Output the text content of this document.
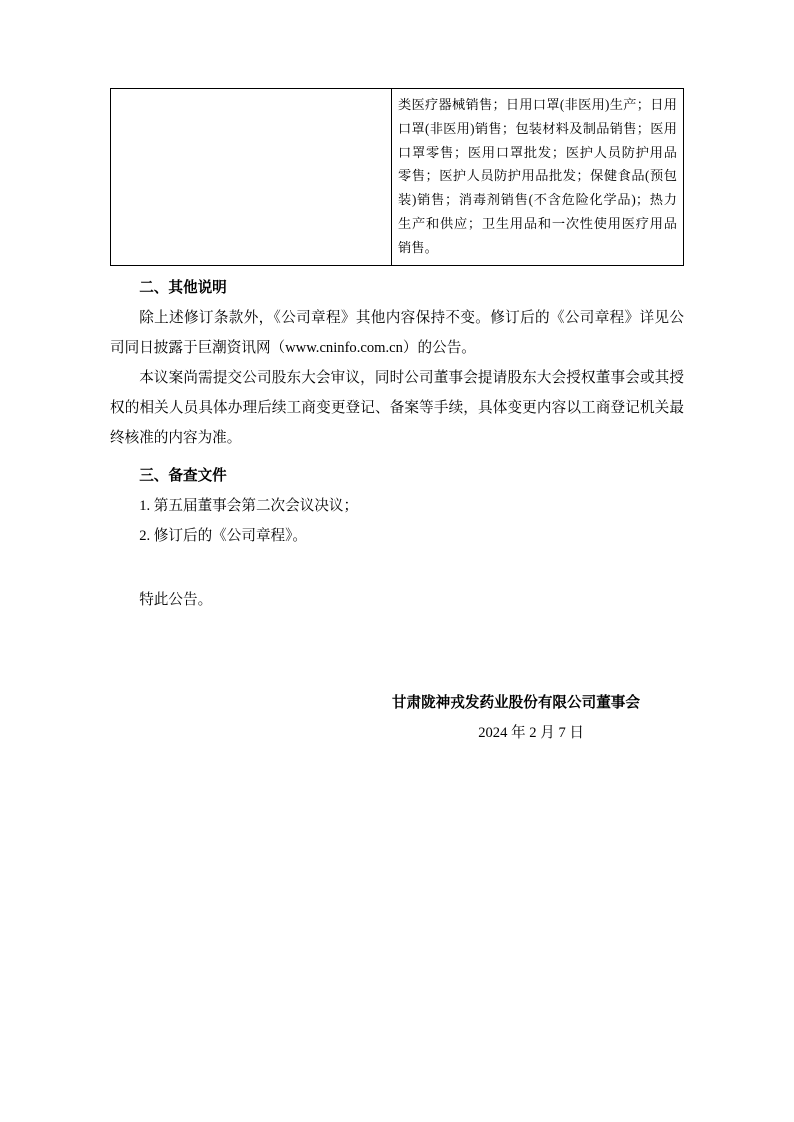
类医疗器械销售；日用口罩(非医用)生产；日用口罩(非医用)销售；包装材料及制品销售；医用口罩零售；医用口罩批发；医护人员防护用品零售；医护人员防护用品批发；保健食品(预包装)销售；消毒剂销售(不含危险化学品)；热力生产和供应；卫生用品和一次性使用医疗用品销售。
二、其他说明

除上述修订条款外，《公司章程》其他内容保持不变。修订后的《公司章程》详见公司同日披露于巨潮资讯网（www.cninfo.com.cn）的公告。

本议案尚需提交公司股东大会审议，同时公司董事会提请股东大会授权董事会或其授权的相关人员具体办理后续工商变更登记、备案等手续，具体变更内容以工商登记机关最终核准的内容为准。

三、备查文件

1. 第五届董事会第二次会议决议；

2. 修订后的《公司章程》。

特此公告。

甘肃陇神戎发药业股份有限公司董事会
2024 年 2 月 7 日
